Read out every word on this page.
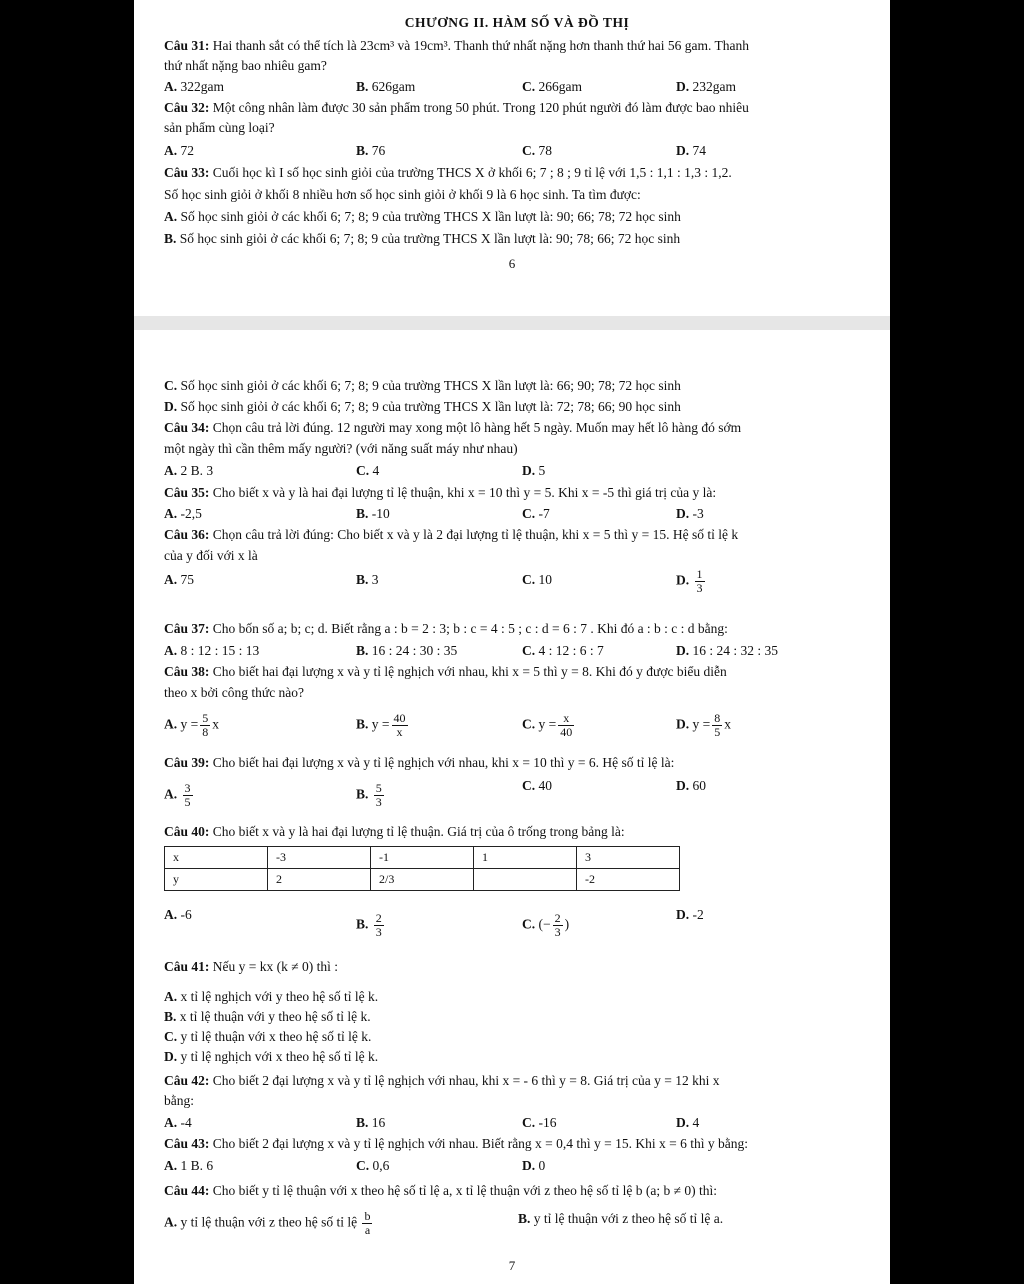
CHƯƠNG II. HÀM SỐ VÀ ĐỒ THỊ
Câu 31: Hai thanh sắt có thể tích là 23cm³ và 19cm³. Thanh thứ nhất nặng hơn thanh thứ hai 56 gam. Thanh
thứ nhất nặng bao nhiêu gam?
A. 322gam	B. 626gam	C. 266gam	D. 232gam
Câu 32: Một công nhân làm được 30 sản phẩm trong 50 phút. Trong 120 phút người đó làm được bao nhiêu
sản phẩm cùng loại?
A. 72	B. 76	C. 78	D. 74
Câu 33: Cuối học kì I số học sinh giỏi của trường THCS X ở khối 6; 7 ; 8 ; 9 tỉ lệ với 1,5 : 1,1 : 1,3 : 1,2.
Số học sinh giỏi ở khối 8 nhiều hơn số học sinh giỏi ở khối 9 là 6 học sinh. Ta tìm được:
A. Số học sinh giỏi ở các khối 6; 7; 8; 9 của trường THCS X lần lượt là: 90; 66; 78; 72 học sinh
B. Số học sinh giỏi ở các khối 6; 7; 8; 9 của trường THCS X lần lượt là: 90; 78; 66; 72 học sinh
6
C. Số học sinh giỏi ở các khối 6; 7; 8; 9 của trường THCS X lần lượt là: 66; 90; 78; 72 học sinh
D. Số học sinh giỏi ở các khối 6; 7; 8; 9 của trường THCS X lần lượt là: 72; 78; 66; 90 học sinh
Câu 34: Chọn câu trả lời đúng. 12 người may xong một lô hàng hết 5 ngày. Muốn may hết lô hàng đó sớm
một ngày thì cần thêm mấy người? (với năng suất máy như nhau)
A. 2 B. 3	C. 4	D. 5
Câu 35: Cho biết x và y là hai đại lượng tỉ lệ thuận, khi x = 10 thì y = 5. Khi x = -5 thì giá trị của y là:
A. -2,5	B. -10	C. -7	D. -3
Câu 36: Chọn câu trả lời đúng: Cho biết x và y là 2 đại lượng tỉ lệ thuận, khi x = 5 thì y = 15. Hệ số tỉ lệ k
của y đối với x là
A. 75	B. 3	C. 10	D. $\frac{1}{3}$
Câu 37: Cho bốn số a; b; c; d. Biết rằng a : b = 2 : 3; b : c = 4 : 5 ; c : d = 6 : 7 . Khi đó a : b : c : d bằng:
A. 8 : 12 : 15 : 13	B. 16 : 24 : 30 : 35	C. 4 : 12 : 6 : 7	D. 16 : 24 : 32 : 35
Câu 38: Cho biết hai đại lượng x và y tỉ lệ nghịch với nhau, khi x = 5 thì y = 8. Khi đó y được biểu diễn
theo x bởi công thức nào?
A. $y = \frac{5}{8}$ x	B. $y = \frac{40}{x}$	C. $y = \frac{x}{40}$	D. $y = \frac{8}{5}$ x
Câu 39: Cho biết hai đại lượng x và y tỉ lệ nghịch với nhau, khi x = 10 thì y = 6. Hệ số tỉ lệ là:
A. $\frac{3}{5}$	B. $\frac{5}{3}$	C. 40	D. 60
Câu 40: Cho biết x và y là hai đại lượng tỉ lệ thuận. Giá trị của ô trống trong bảng là:
x	-3	-1	1	3
y	2	2/3		-2
A. -6
B. $\frac{2}{3}$	C. (− $\frac{2}{3}$ )
D. -2
Câu 41: Nếu y = kx (k ≠ 0) thì :
A. x tỉ lệ nghịch với y theo hệ số tỉ lệ k.
B. x tỉ lệ thuận với y theo hệ số tỉ lệ k.
C. y tỉ lệ thuận với x theo hệ số tỉ lệ k.
D. y tỉ lệ nghịch với x theo hệ số tỉ lệ k.
Câu 42: Cho biết 2 đại lượng x và y tỉ lệ nghịch với nhau, khi x = - 6 thì y = 8. Giá trị của y = 12 khi x
bằng:
A. -4	B. 16	C. -16	D. 4
Câu 43: Cho biết 2 đại lượng x và y tỉ lệ nghịch với nhau. Biết rằng x = 0,4 thì y = 15. Khi x = 6 thì y bằng:
A. 1 B. 6	C. 0,6	D. 0
Câu 44: Cho biết y tỉ lệ thuận với x theo hệ số tỉ lệ a, x tỉ lệ thuận với z theo hệ số tỉ lệ b (a; b ≠ 0) thì:
A. y tỉ lệ thuận với z theo hệ số tỉ lệ $\frac{b}{a}$	B. y tỉ lệ thuận với z theo hệ số tỉ lệ a.
7
